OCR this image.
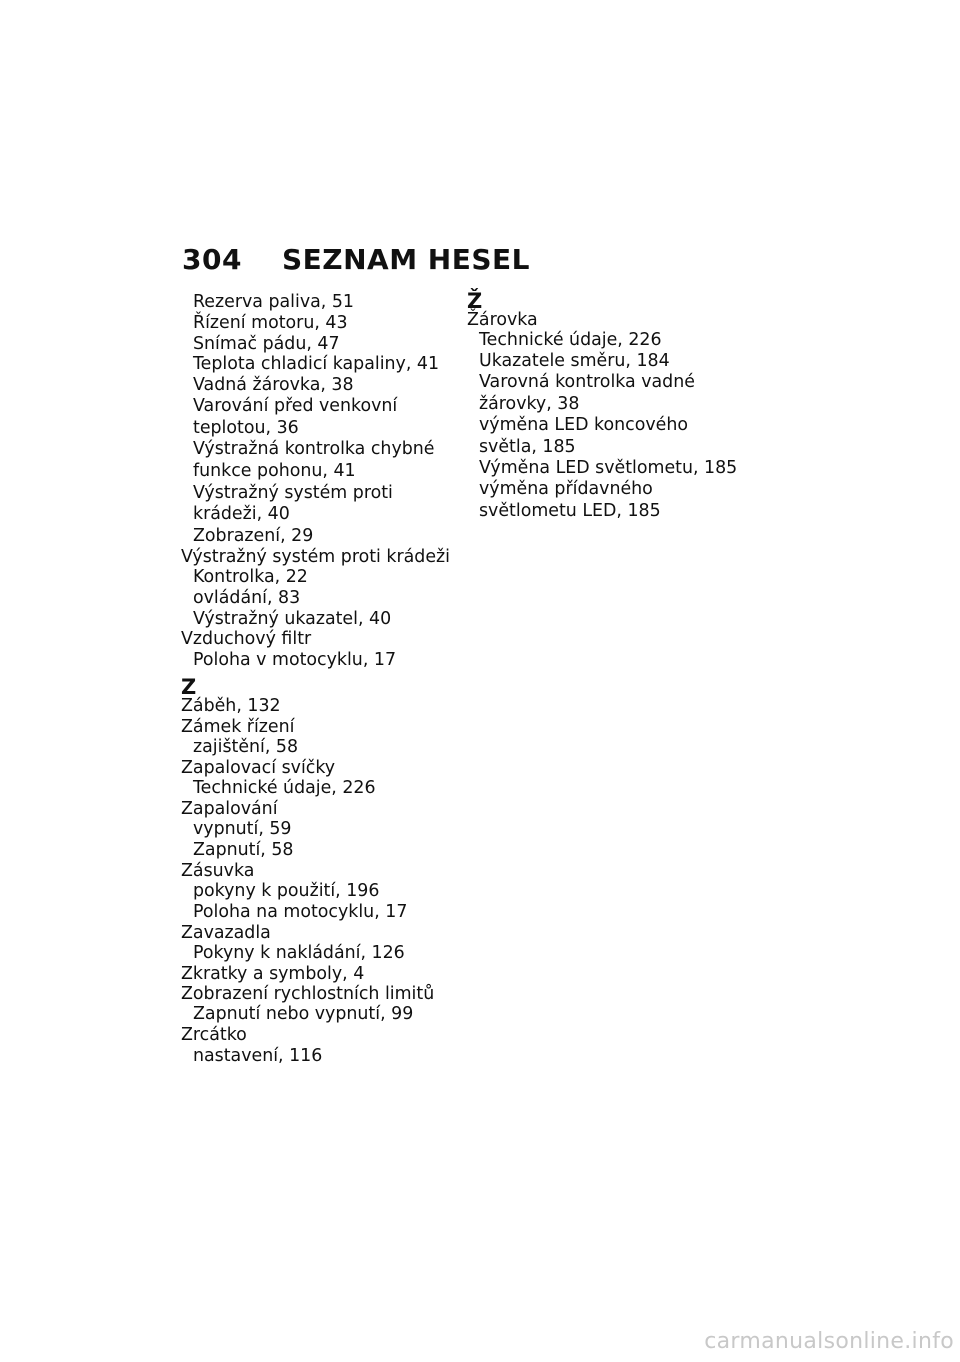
304 SEZNAM HESEL
Rezerva paliva, 51
Řízení motoru, 43
Snímač pádu, 47
Teplota chladicí kapaliny, 41
Vadná žárovka, 38
Varování před venkovní
teplotou, 36
Výstražná kontrolka chybné
funkce pohonu, 41
Výstražný systém proti
krádeži, 40
Zobrazení, 29
Výstražný systém proti krádeži
Kontrolka, 22
ovládání, 83
Výstražný ukazatel, 40
Vzduchový filtr
Poloha v motocyklu, 17
Z
Záběh, 132
Zámek řízení
zajištění, 58
Zapalovací svíčky
Technické údaje, 226
Zapalování
vypnutí, 59
Zapnutí, 58
Zásuvka
pokyny k použití, 196
Poloha na motocyklu, 17
Zavazadla
Pokyny k nakládání, 126
Zkratky a symboly, 4
Zobrazení rychlostních limitů
Zapnutí nebo vypnutí, 99
Zrcátko
nastavení, 116
Ž
Žárovka
Technické údaje, 226
Ukazatele směru, 184
Varovná kontrolka vadné
žárovky, 38
výměna LED koncového
světla, 185
Výměna LED světlometu, 185
výměna přídavného
světlometu LED, 185
carmanualsonline.info
